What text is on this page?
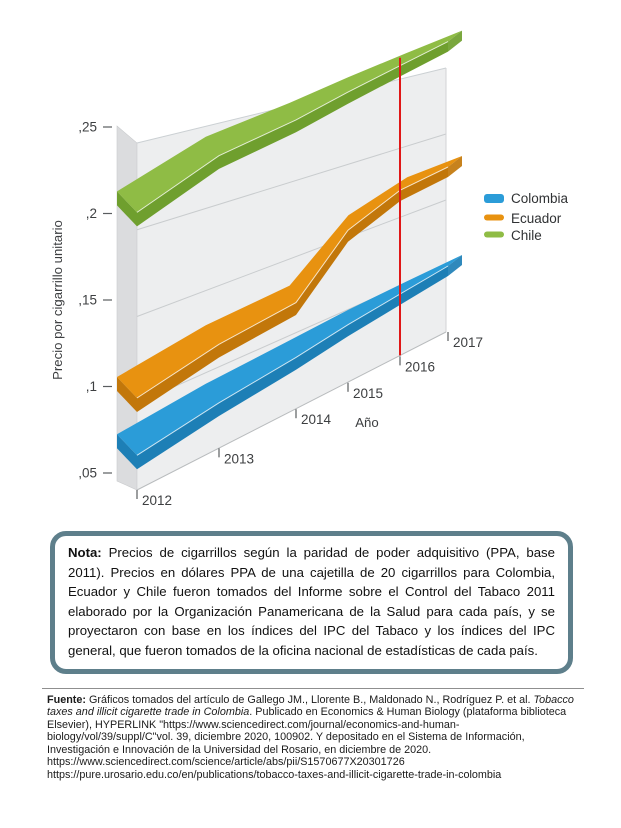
2012
2013
2014
2015
2016
2017
Año
,05
,1
,15
,2
,25
Precio por cigarrillo unitario
Colombia
Ecuador
Chile

Nota: Precios de cigarrillos según la paridad de poder adquisitivo (PPA, base 2011). Precios en dólares PPA de una cajetilla de 20 cigarrillos para Colombia, Ecuador y Chile fueron tomados del Informe sobre el Control del Tabaco 2011 elaborado por la Organización Panamericana de la Salud para cada país, y se proyectaron con base en los índices del IPC del Tabaco y los índices del IPC general, que fueron tomados de la oficina nacional de estadísticas de cada país.

Fuente: Gráficos tomados del artículo de Gallego JM., Llorente B., Maldonado N., Rodríguez P. et al. Tobacco taxes and illicit cigarette trade in Colombia. Publicado en Economics & Human Biology (plataforma biblioteca Elsevier), HYPERLINK "https://www.sciencedirect.com/journal/economics-and-human-biology/vol/39/suppl/C"vol. 39, diciembre 2020, 100902. Y depositado en el Sistema de Información, Investigación e Innovación de la Universidad del Rosario, en diciembre de 2020. https://www.sciencedirect.com/science/article/abs/pii/S1570677X20301726

https://pure.urosario.edu.co/en/publications/tobacco-taxes-and-illicit-cigarette-trade-in-colombia
